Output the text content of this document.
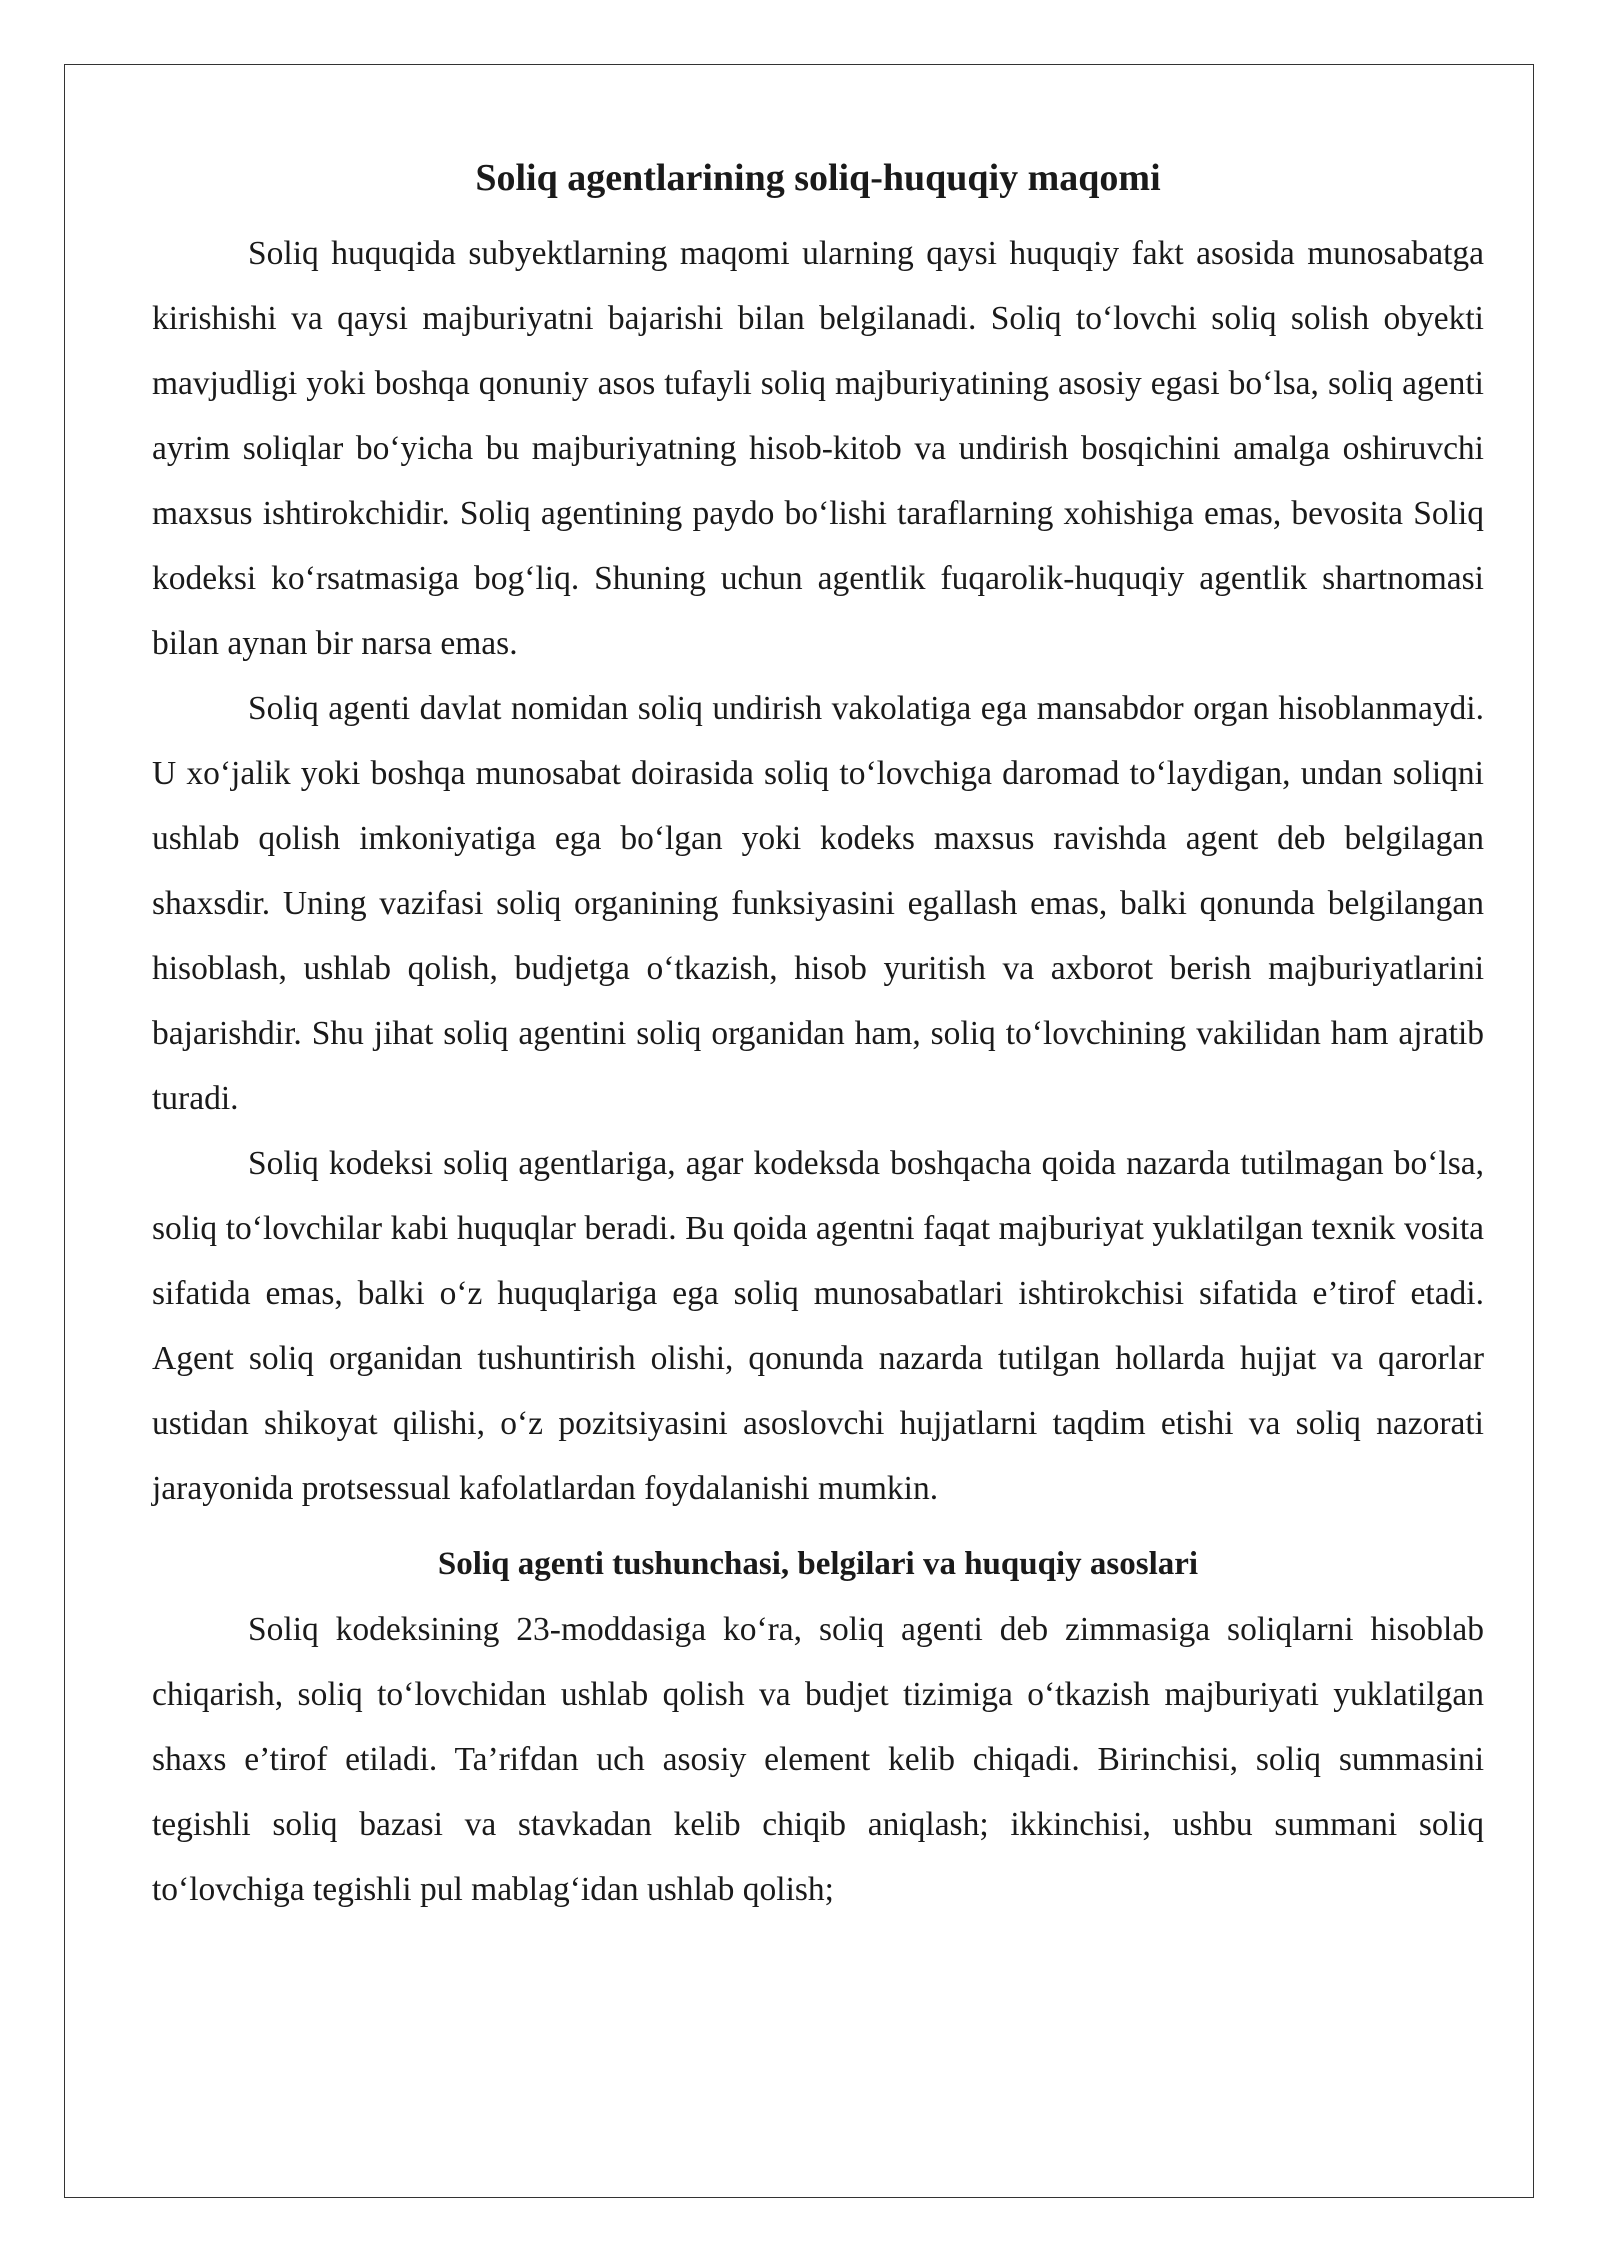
Soliq agentlarining soliq-huquqiy maqomi

Soliq huquqida subyektlarning maqomi ularning qaysi huquqiy fakt asosida munosabatga kirishishi va qaysi majburiyatni bajarishi bilan belgilanadi. Soliq to‘lovchi soliq solish obyekti mavjudligi yoki boshqa qonuniy asos tufayli soliq majburiyatining asosiy egasi bo‘lsa, soliq agenti ayrim soliqlar bo‘yicha bu majburiyatning hisob-kitob va undirish bosqichini amalga oshiruvchi maxsus ishtirokchidir. Soliq agentining paydo bo‘lishi taraflarning xohishiga emas, bevosita Soliq kodeksi ko‘rsatmasiga bog‘liq. Shuning uchun agentlik fuqarolik-huquqiy agentlik shartnomasi bilan aynan bir narsa emas.

Soliq agenti davlat nomidan soliq undirish vakolatiga ega mansabdor organ hisoblanmaydi. U xo‘jalik yoki boshqa munosabat doirasida soliq to‘lovchiga daromad to‘laydigan, undan soliqni ushlab qolish imkoniyatiga ega bo‘lgan yoki kodeks maxsus ravishda agent deb belgilagan shaxsdir. Uning vazifasi soliq organining funksiyasini egallash emas, balki qonunda belgilangan hisoblash, ushlab qolish, budjetga o‘tkazish, hisob yuritish va axborot berish majburiyatlarini bajarishdir. Shu jihat soliq agentini soliq organidan ham, soliq to‘lovchining vakilidan ham ajratib turadi.

Soliq kodeksi soliq agentlariga, agar kodeksda boshqacha qoida nazarda tutilmagan bo‘lsa, soliq to‘lovchilar kabi huquqlar beradi. Bu qoida agentni faqat majburiyat yuklatilgan texnik vosita sifatida emas, balki o‘z huquqlariga ega soliq munosabatlari ishtirokchisi sifatida e’tirof etadi. Agent soliq organidan tushuntirish olishi, qonunda nazarda tutilgan hollarda hujjat va qarorlar ustidan shikoyat qilishi, o‘z pozitsiyasini asoslovchi hujjatlarni taqdim etishi va soliq nazorati jarayonida protsessual kafolatlardan foydalanishi mumkin.

Soliq agenti tushunchasi, belgilari va huquqiy asoslari

Soliq kodeksining 23-moddasiga ko‘ra, soliq agenti deb zimmasiga soliqlarni hisoblab chiqarish, soliq to‘lovchidan ushlab qolish va budjet tizimiga o‘tkazish majburiyati yuklatilgan shaxs e’tirof etiladi. Ta’rifdan uch asosiy element kelib chiqadi. Birinchisi, soliq summasini tegishli soliq bazasi va stavkadan kelib chiqib aniqlash; ikkinchisi, ushbu summani soliq to‘lovchiga tegishli pul mablag‘idan ushlab qolish;
